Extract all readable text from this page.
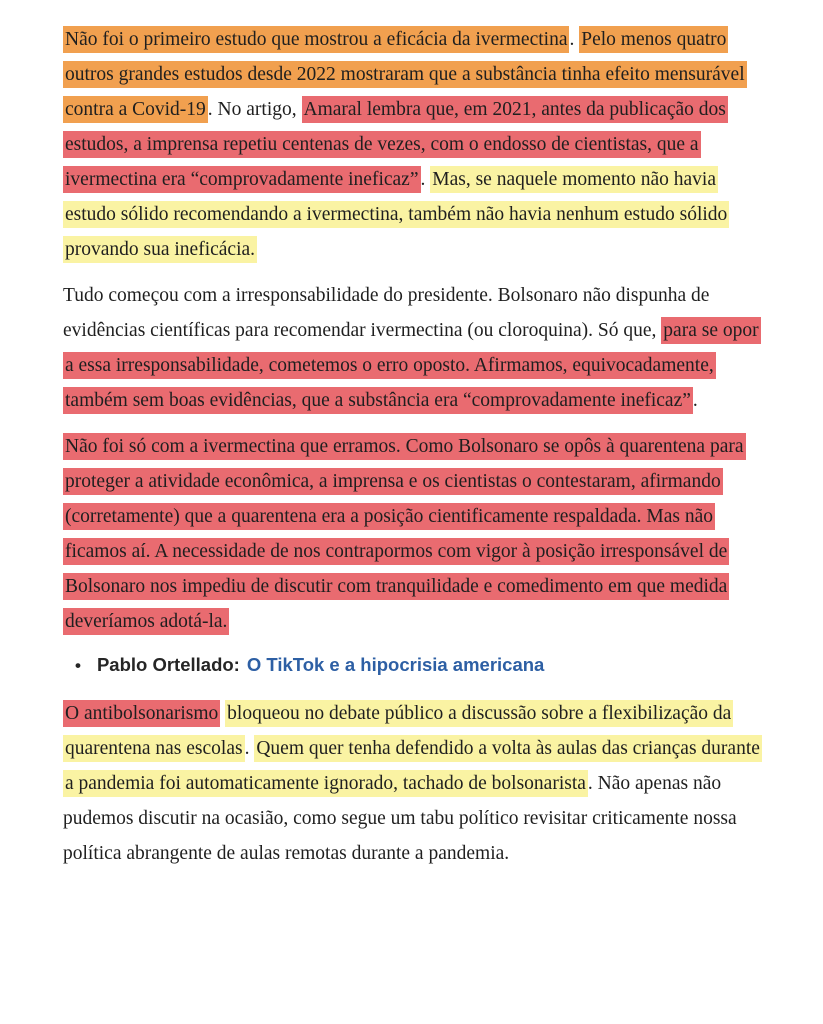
Não foi o primeiro estudo que mostrou a eficácia da ivermectina . Pelo menos quatro outros grandes estudos desde 2022 mostraram que a substância tinha efeito mensurável contra a Covid-19 . No artigo, Amaral lembra que, em 2021, antes da publicação dos estudos, a imprensa repetiu centenas de vezes, com o endosso de cientistas, que a ivermectina era “comprovadamente ineficaz” . Mas, se naquele momento não havia estudo sólido recomendando a ivermectina, também não havia nenhum estudo sólido provando sua ineficácia.

Tudo começou com a irresponsabilidade do presidente. Bolsonaro não dispunha de evidências científicas para recomendar ivermectina (ou cloroquina). Só que, para se opor a essa irresponsabilidade, cometemos o erro oposto. Afirmamos, equivocadamente, também sem boas evidências, que a substância era “comprovadamente ineficaz” .

Não foi só com a ivermectina que erramos. Como Bolsonaro se opôs à quarentena para proteger a atividade econômica, a imprensa e os cientistas o contestaram, afirmando (corretamente) que a quarentena era a posição cientificamente respaldada. Mas não ficamos aí. A necessidade de nos contrapormos com vigor à posição irresponsável de Bolsonaro nos impediu de discutir com tranquilidade e comedimento em que medida deveríamos adotá-la.

• Pablo Ortellado: O TikTok e a hipocrisia americana

O antibolsonarismo bloqueou no debate público a discussão sobre a flexibilização da quarentena nas escolas . Quem quer tenha defendido a volta às aulas das crianças durante a pandemia foi automaticamente ignorado, tachado de bolsonarista . Não apenas não pudemos discutir na ocasião, como segue um tabu político revisitar criticamente nossa política abrangente de aulas remotas durante a pandemia.
